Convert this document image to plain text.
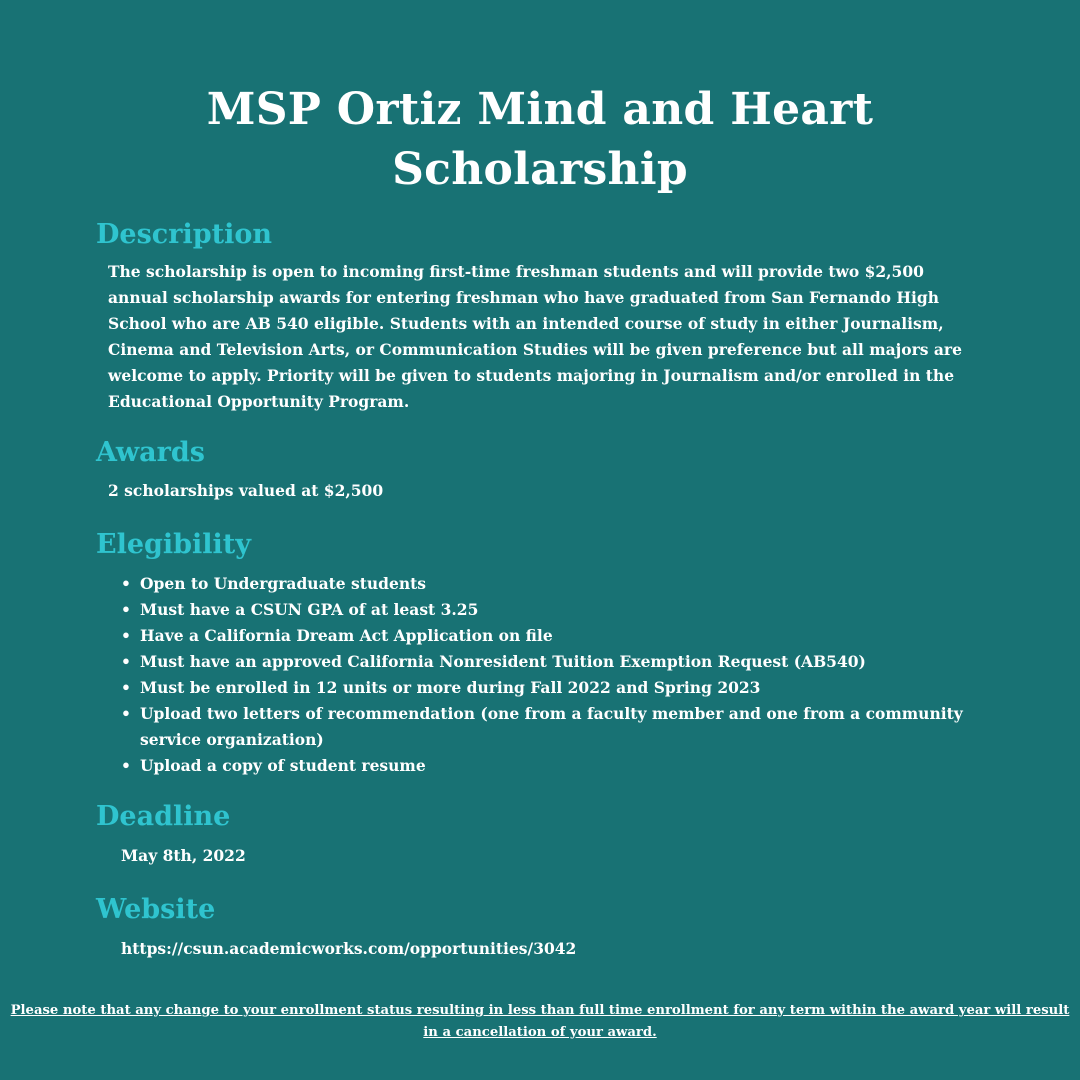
MSP Ortiz Mind and Heart
Scholarship
Description

The scholarship is open to incoming first-time freshman students and will provide two $2,500 annual scholarship awards for entering freshman who have graduated from San Fernando High School who are AB 540 eligible. Students with an intended course of study in either Journalism, Cinema and Television Arts, or Communication Studies will be given preference but all majors are welcome to apply. Priority will be given to students majoring in Journalism and/or enrolled in the Educational Opportunity Program.

Awards

2 scholarships valued at $2,500

Elegibility
• Open to Undergraduate students
• Must have a CSUN GPA of at least 3.25
• Have a California Dream Act Application on file
• Must have an approved California Nonresident Tuition Exemption Request (AB540)
• Must be enrolled in 12 units or more during Fall 2022 and Spring 2023
• Upload two letters of recommendation (one from a faculty member and one from a community service organization)
• Upload a copy of student resume
Deadline

May 8th, 2022

Website

https://csun.academicworks.com/opportunities/3042

Please note that any change to your enrollment status resulting in less than full time enrollment for any term within the award year will result in a cancellation of your award.
